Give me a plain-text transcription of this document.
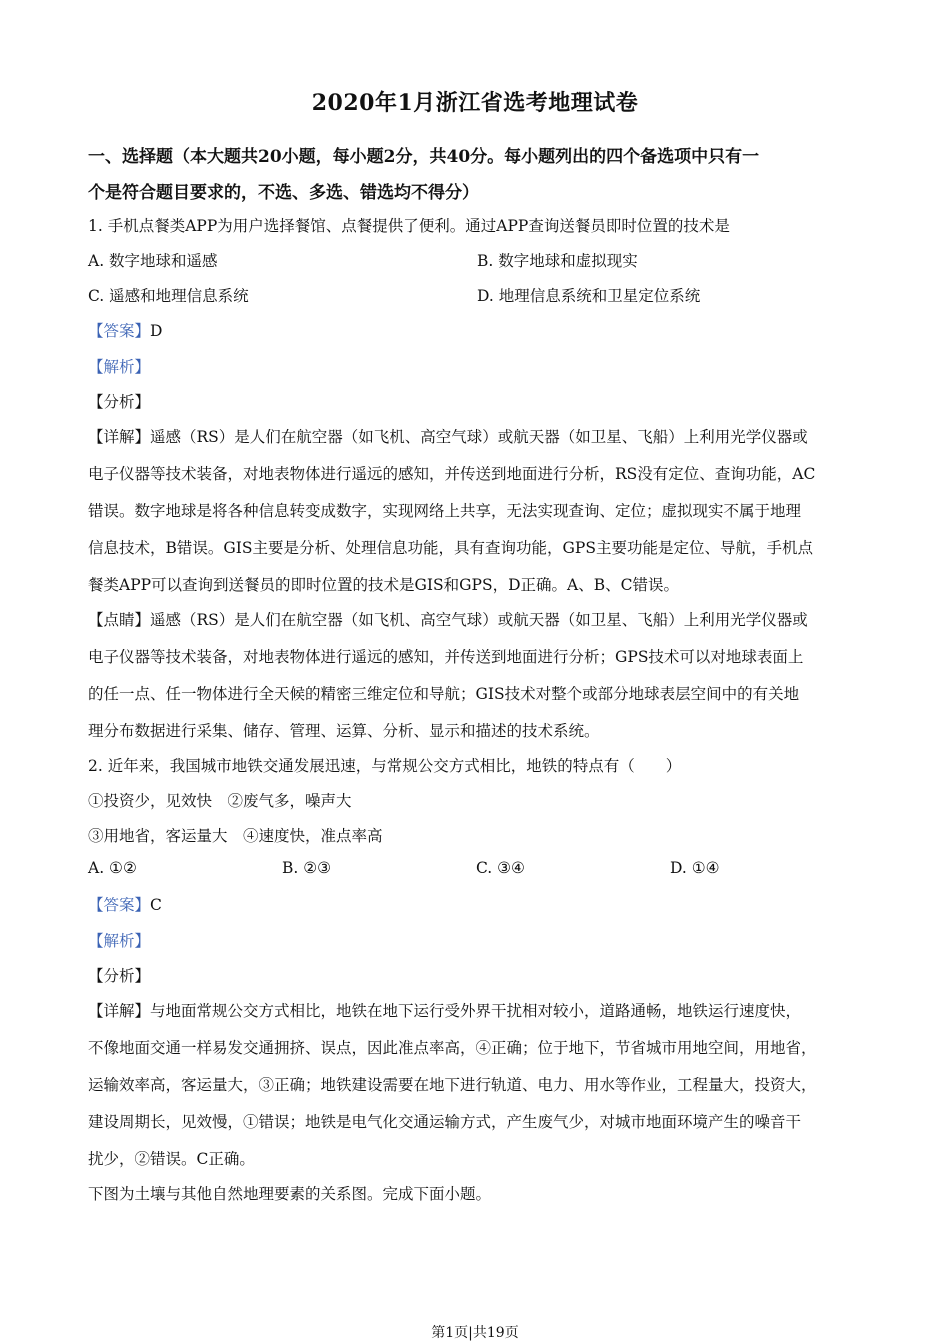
2020年1月浙江省选考地理试卷
一、选择题（本大题共20小题，每小题2分，共40分。每小题列出的四个备选项中只有一
个是符合题目要求的，不选、多选、错选均不得分）
1. 手机点餐类APP为用户选择餐馆、点餐提供了便利。通过APP查询送餐员即时位置的技术是
A. 数字地球和遥感	B. 数字地球和虚拟现实
C. 遥感和地理信息系统	D. 地理信息系统和卫星定位系统
【答案】D
【解析】
【分析】
【详解】遥感（RS）是人们在航空器（如飞机、高空气球）或航天器（如卫星、飞船）上利用光学仪器或
电子仪器等技术装备，对地表物体进行遥远的感知，并传送到地面进行分析，RS没有定位、查询功能，AC
错误。数字地球是将各种信息转变成数字，实现网络上共享，无法实现查询、定位；虚拟现实不属于地理
信息技术，B错误。GIS主要是分析、处理信息功能，具有查询功能，GPS主要功能是定位、导航，手机点
餐类APP可以查询到送餐员的即时位置的技术是GIS和GPS，D正确。A、B、C错误。
【点睛】遥感（RS）是人们在航空器（如飞机、高空气球）或航天器（如卫星、飞船）上利用光学仪器或
电子仪器等技术装备，对地表物体进行遥远的感知，并传送到地面进行分析；GPS技术可以对地球表面上
的任一点、任一物体进行全天候的精密三维定位和导航；GIS技术对整个或部分地球表层空间中的有关地
理分布数据进行采集、储存、管理、运算、分析、显示和描述的技术系统。
2. 近年来，我国城市地铁交通发展迅速，与常规公交方式相比，地铁的特点有（　　）
①投资少，见效快　②废气多，噪声大
③用地省，客运量大　④速度快，准点率高
A. ①②	B. ②③	C. ③④	D. ①④
【答案】C
【解析】
【分析】
【详解】与地面常规公交方式相比，地铁在地下运行受外界干扰相对较小，道路通畅，地铁运行速度快，
不像地面交通一样易发交通拥挤、误点，因此准点率高，④正确；位于地下，节省城市用地空间，用地省，
运输效率高，客运量大，③正确；地铁建设需要在地下进行轨道、电力、用水等作业，工程量大，投资大，
建设周期长，见效慢，①错误；地铁是电气化交通运输方式，产生废气少，对城市地面环境产生的噪音干
扰少，②错误。C正确。
下图为土壤与其他自然地理要素的关系图。完成下面小题。
第1页|共19页
